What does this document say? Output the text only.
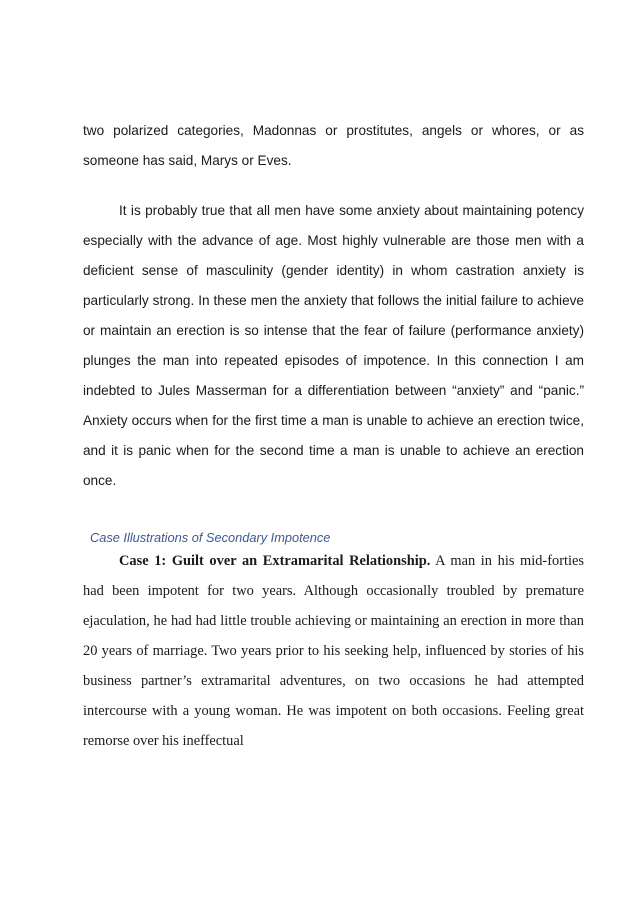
two polarized categories, Madonnas or prostitutes, angels or whores, or as someone has said, Marys or Eves.

It is probably true that all men have some anxiety about maintaining potency especially with the advance of age. Most highly vulnerable are those men with a deficient sense of masculinity (gender identity) in whom castration anxiety is particularly strong. In these men the anxiety that follows the initial failure to achieve or maintain an erection is so intense that the fear of failure (performance anxiety) plunges the man into repeated episodes of impotence. In this connection I am indebted to Jules Masserman for a differentiation between “anxiety” and “panic.” Anxiety occurs when for the first time a man is unable to achieve an erection twice, and it is panic when for the second time a man is unable to achieve an erection once.

Case Illustrations of Secondary Impotence

Case 1: Guilt over an Extramarital Relationship. A man in his mid-forties had been impotent for two years. Although occasionally troubled by premature ejaculation, he had had little trouble achieving or maintaining an erection in more than 20 years of marriage. Two years prior to his seeking help, influenced by stories of his business partner’s extramarital adventures, on two occasions he had attempted intercourse with a young woman. He was impotent on both occasions. Feeling great remorse over his ineffectual
